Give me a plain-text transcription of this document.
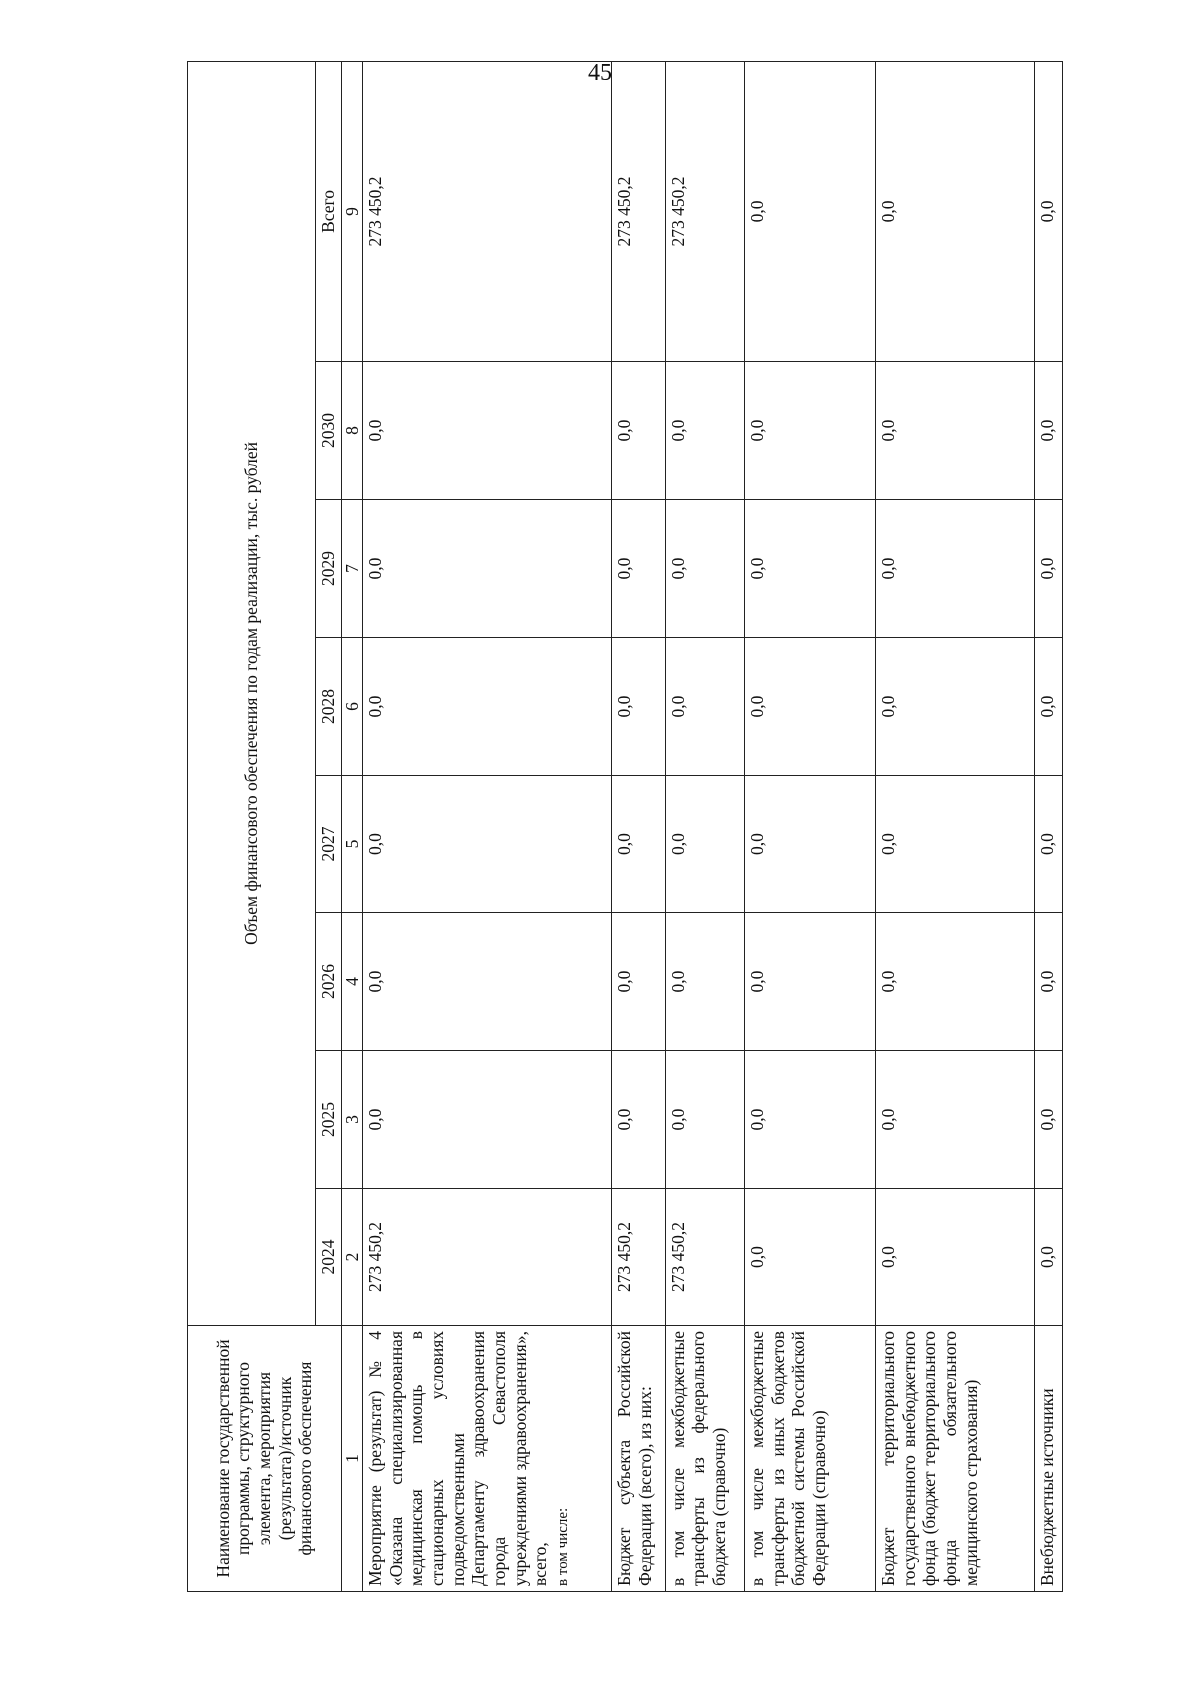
45
Наименование государственной программы, структурного элемента, мероприятия (результата)/источник финансового обеспечения	Объем финансового обеспечения по годам реализации, тыс. рублей							
	2024	2025	2026	2027	2028	2029	2030	Всего
1	2	3	4	5	6	7	8	9
Мероприятие (результат) № 4 «Оказана специализированная медицинская помощь в стационарных условиях подведомственными Департаменту здравоохранения города Севастополя учреждениями здравоохранения», всего, в том числе:	273 450,2	0,0	0,0	0,0	0,0	0,0	0,0	273 450,2
Бюджет субъекта Российской Федерации (всего), из них:	273 450,2	0,0	0,0	0,0	0,0	0,0	0,0	273 450,2
в том числе межбюджетные трансферты из федерального бюджета (справочно)	273 450,2	0,0	0,0	0,0	0,0	0,0	0,0	273 450,2
в том числе межбюджетные трансферты из иных бюджетов бюджетной системы Российской Федерации (справочно)	0,0	0,0	0,0	0,0	0,0	0,0	0,0	0,0
Бюджет территориального государственного внебюджетного фонда (бюджет территориального фонда обязательного медицинского страхования)	0,0	0,0	0,0	0,0	0,0	0,0	0,0	0,0
Внебюджетные источники	0,0	0,0	0,0	0,0	0,0	0,0	0,0	0,0
